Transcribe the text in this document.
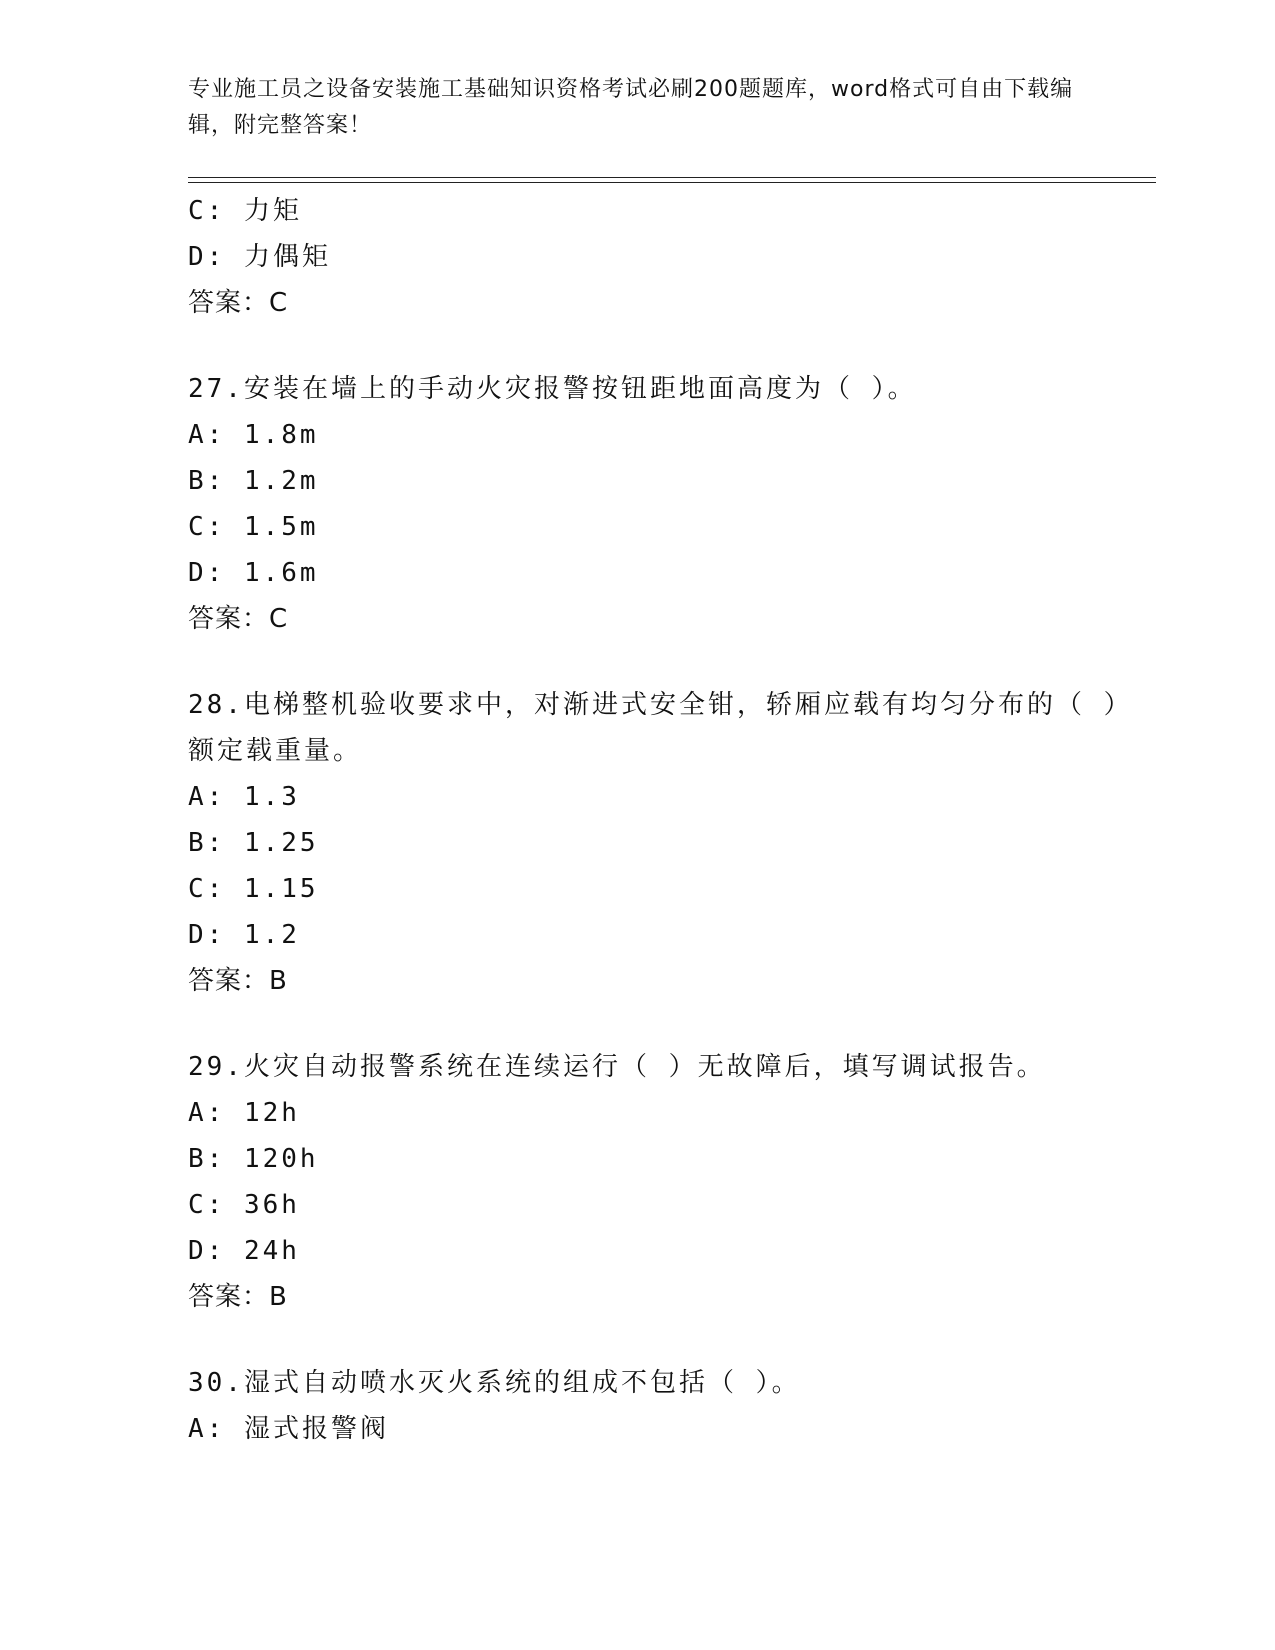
专业施工员之设备安装施工基础知识资格考试必刷200题题库，word格式可自由下载编辑，附完整答案！
C: 力矩
D: 力偶矩
答案：C
27.安装在墙上的手动火灾报警按钮距地面高度为（ ）。
A: 1.8m
B: 1.2m
C: 1.5m
D: 1.6m
答案：C
28.电梯整机验收要求中，对渐进式安全钳，轿厢应载有均匀分布的（ ）额定载重量。
A: 1.3
B: 1.25
C: 1.15
D: 1.2
答案：B
29.火灾自动报警系统在连续运行（ ）无故障后，填写调试报告。
A: 12h
B: 120h
C: 36h
D: 24h
答案：B
30.湿式自动喷水灭火系统的组成不包括（ ）。
A: 湿式报警阀
